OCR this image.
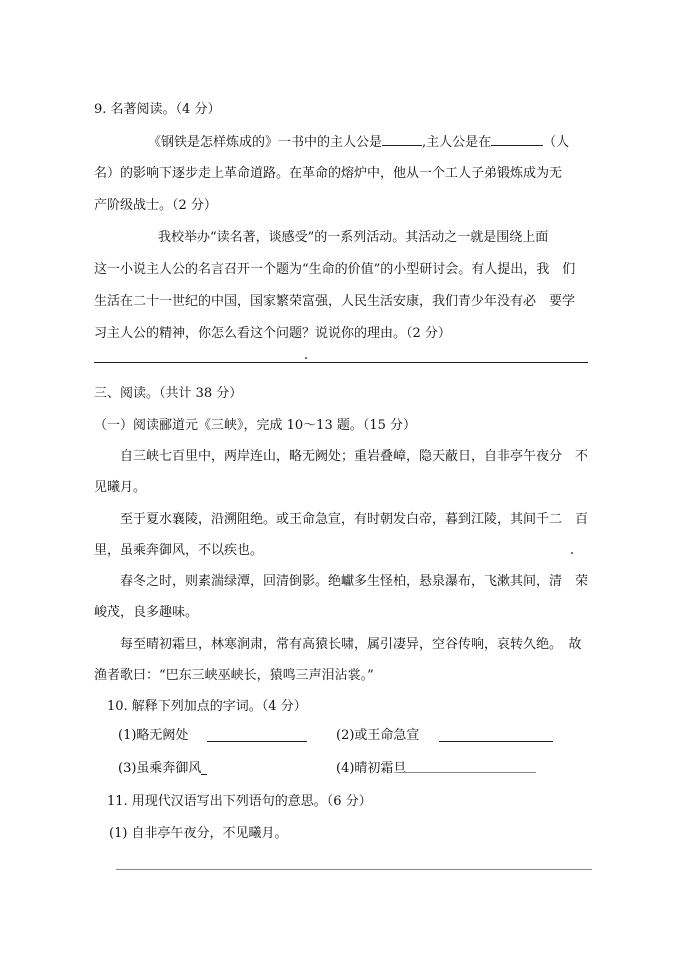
9. 名著阅读。（4 分）
《钢铁是怎样炼成的》一书中的主人公是	,主人公是在	（人
名）的影响下逐步走上革命道路。在革命的熔炉中，他从一个工人子弟锻炼成为无
产阶级战士。（2 分）
我校举办“读名著，谈感受”的一系列活动。其活动之一就是围绕上面
这一小说主人公的名言召开一个题为“生命的价值”的小型研讨会。有人提出，我　们
生活在二十一世纪的中国，国家繁荣富强，人民生活安康，我们青少年没有必　要学
习主人公的精神，你怎么看这个问题？说说你的理由。（2 分）
三、阅读。（共计 38 分）
（一）阅读郦道元《三峡》，完成 10～13 题。（15 分）
自三峡七百里中，两岸连山，略无阙处；重岩叠嶂，隐天蔽日，自非亭午夜分　不
见曦月。
至于夏水襄陵，沿溯阻绝。或王命急宣，有时朝发白帝，暮到江陵，其间千二　百
里，虽乘奔御风，不以疾也。
春冬之时，则素湍绿潭，回清倒影。绝巘多生怪柏，悬泉瀑布，飞漱其间，清　荣
峻茂，良多趣味。
每至晴初霜旦，林寒涧肃，常有高猿长啸，属引凄异，空谷传响，哀转久绝。　故
渔者歌曰：“巴东三峡巫峡长，猿鸣三声泪沾裳。”
10. 解释下列加点的字词。（4 分）
(1)略无阙处	(2)或王命急宣
(3)虽乘奔御风	(4)晴初霜旦
11. 用现代汉语写出下列语句的意思。（6 分）
(1) 自非亭午夜分，不见曦月。
